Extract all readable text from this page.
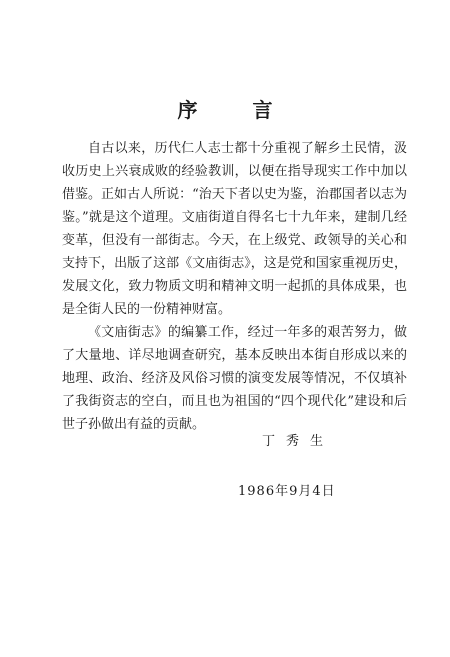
序 言

自古以来，历代仁人志士都十分重视了解乡土民情，汲收历史上兴衰成败的经验教训，以便在指导现实工作中加以借鉴。正如古人所说：“治天下者以史为鉴，治郡国者以志为鉴。”就是这个道理。文庙街道自得名七十九年来，建制几经变革，但没有一部街志。今天，在上级党、政领导的关心和支持下，出版了这部《文庙街志》，这是党和国家重视历史，发展文化，致力物质文明和精神文明一起抓的具体成果，也是全街人民的一份精神财富。

《文庙街志》的编纂工作，经过一年多的艰苦努力，做了大量地、详尽地调查研究，基本反映出本街自形成以来的地理、政治、经济及风俗习惯的演变发展等情况，不仅填补了我街资志的空白，而且也为祖国的“四个现代化”建设和后世子孙做出有益的贡献。

丁秀生

1986年9月4日
